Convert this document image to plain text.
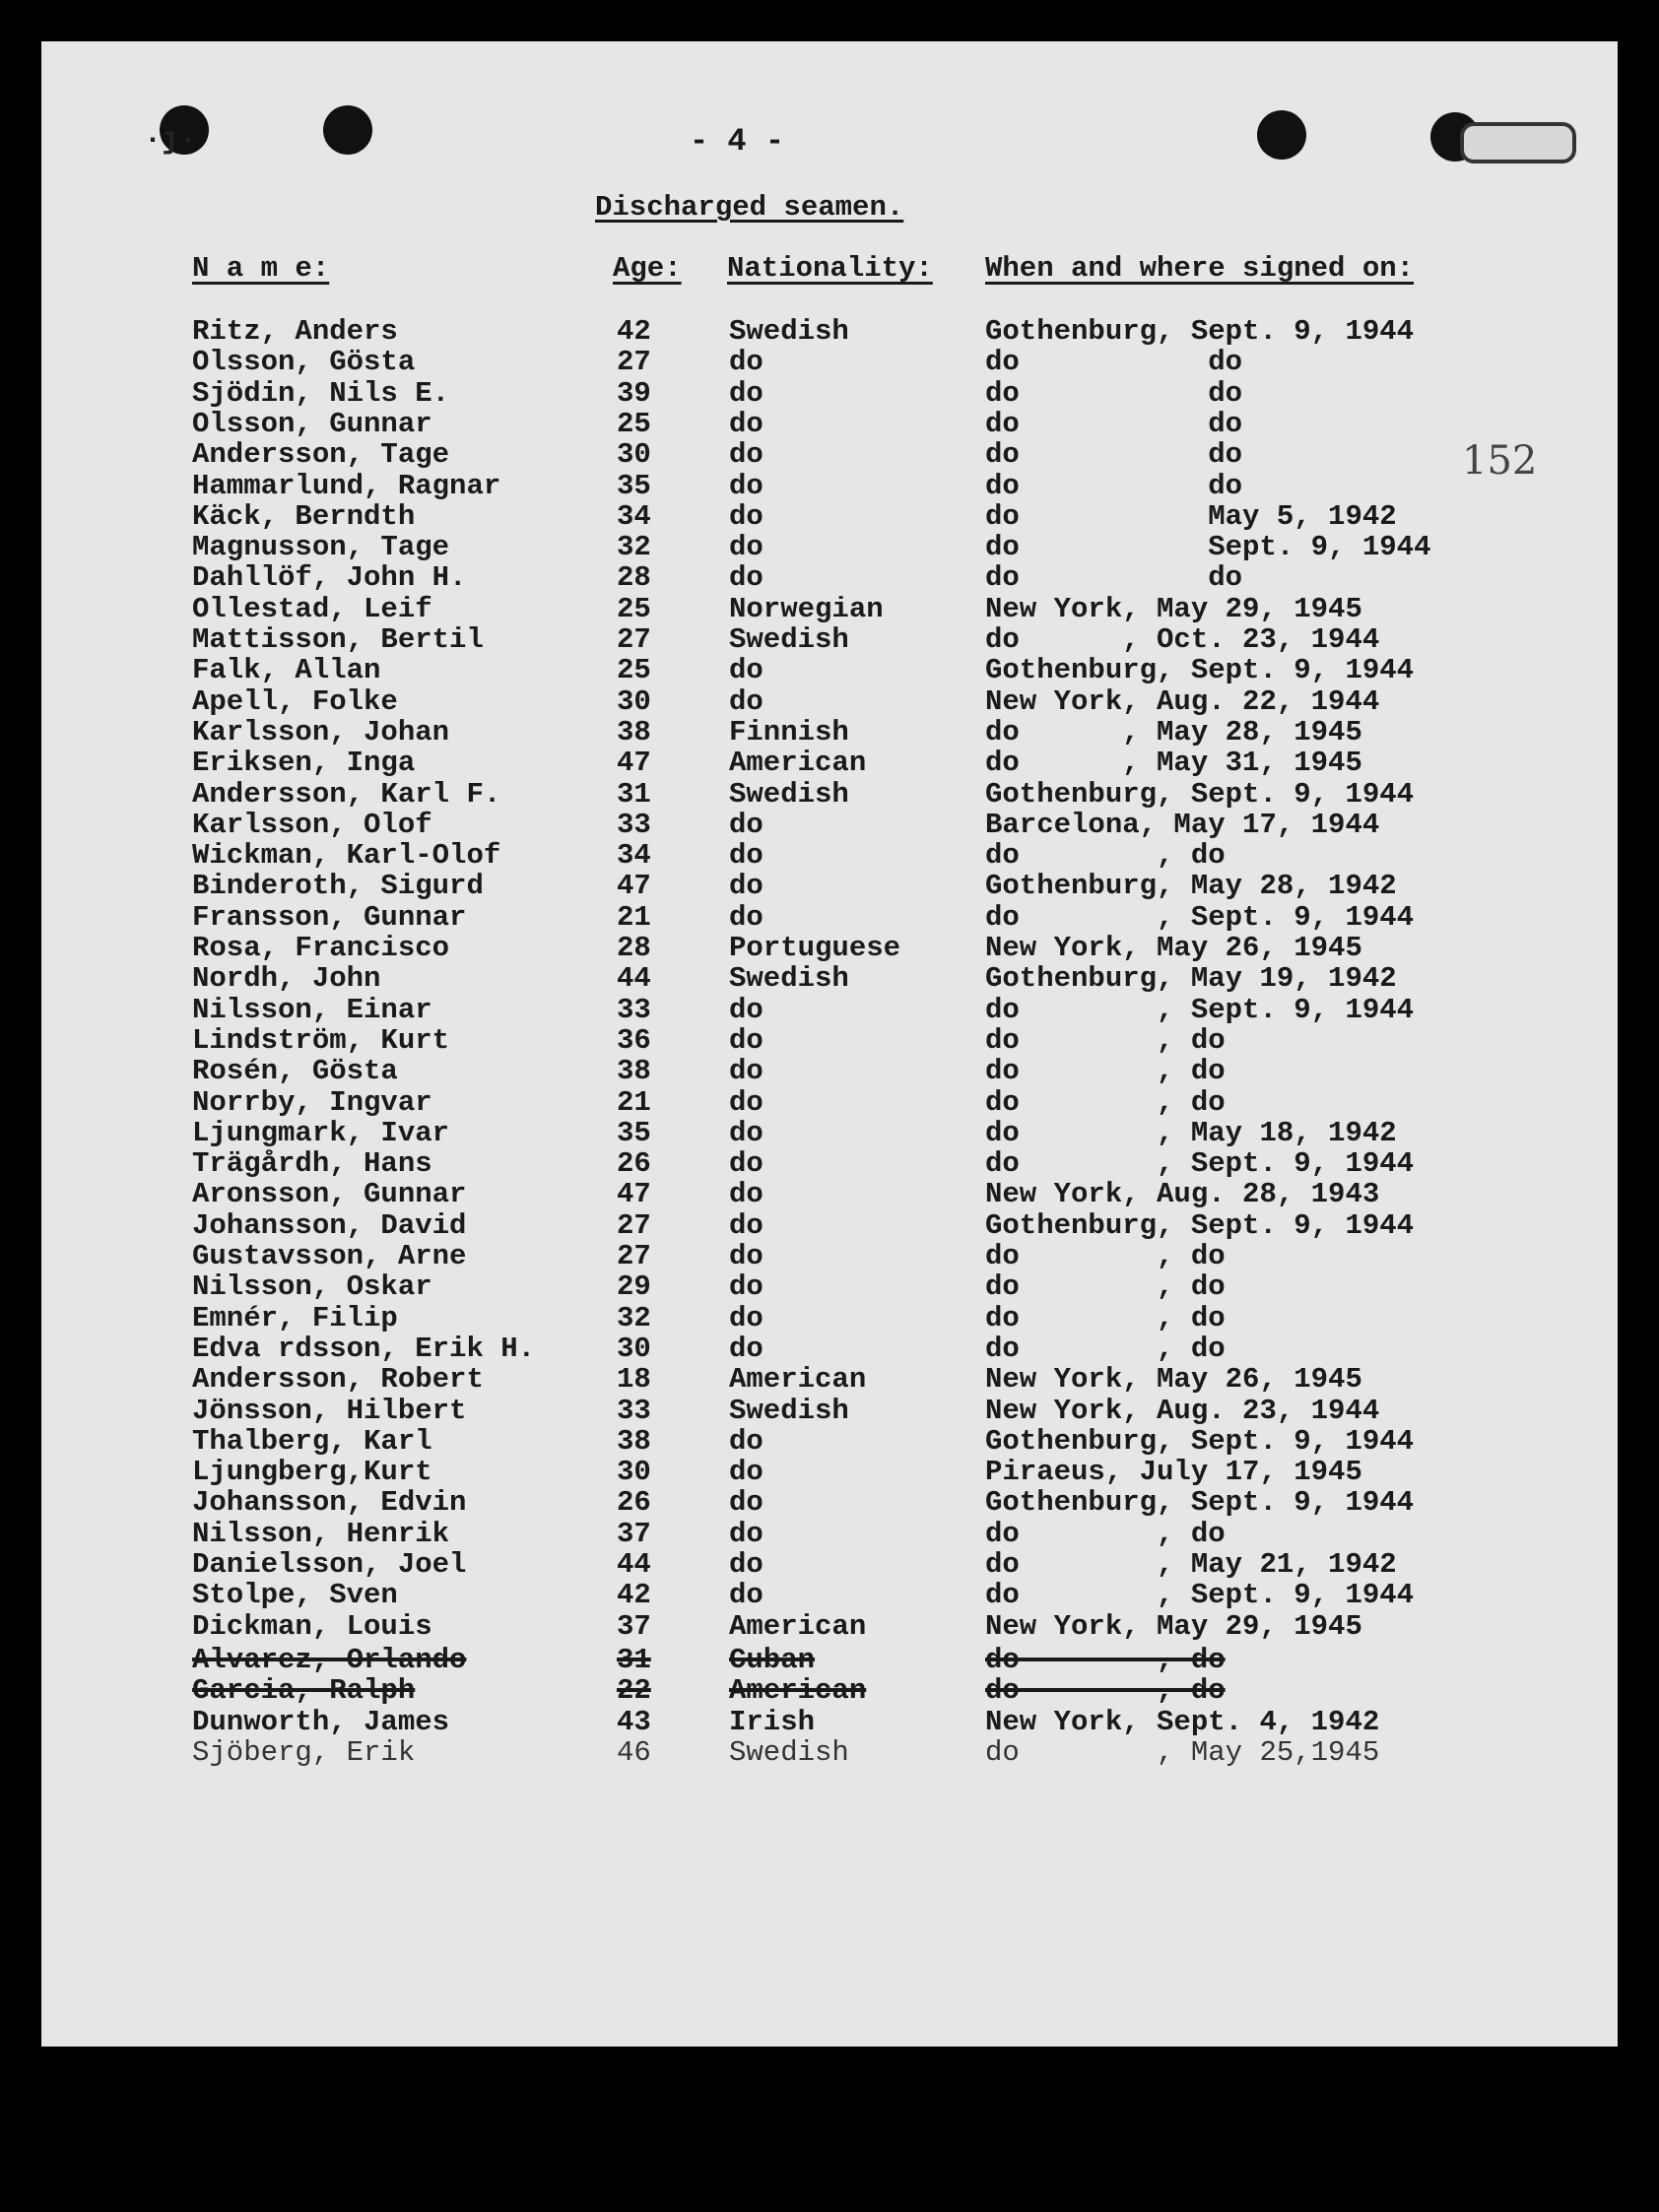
·ȷ·	- 4 -
Discharged seamen.
152
N a m e:	Age: Nationality: When and where signed on:
Ritz, Anders	42	Swedish	Gothenburg, Sept. 9, 1944
Olsson, Gösta	27	do	do           do
Sjödin, Nils E.	39	do	do           do
Olsson, Gunnar	25	do	do           do
Andersson, Tage	30	do	do           do
Hammarlund, Ragnar	35	do	do           do
Käck, Berndth	34	do	do           May 5, 1942
Magnusson, Tage	32	do	do           Sept. 9, 1944
Dahllöf, John H.	28	do	do           do
Ollestad, Leif	25	Norwegian	New York, May 29, 1945
Mattisson, Bertil	27	Swedish	do      , Oct. 23, 1944
Falk, Allan	25	do	Gothenburg, Sept. 9, 1944
Apell, Folke	30	do	New York, Aug. 22, 1944
Karlsson, Johan	38	Finnish	do      , May 28, 1945
Eriksen, Inga	47	American	do      , May 31, 1945
Andersson, Karl F.	31	Swedish	Gothenburg, Sept. 9, 1944
Karlsson, Olof	33	do	Barcelona, May 17, 1944
Wickman, Karl-Olof	34	do	do        , do
Binderoth, Sigurd	47	do	Gothenburg, May 28, 1942
Fransson, Gunnar	21	do	do        , Sept. 9, 1944
Rosa, Francisco	28	Portuguese	New York, May 26, 1945
Nordh, John	44	Swedish	Gothenburg, May 19, 1942
Nilsson, Einar	33	do	do        , Sept. 9, 1944
Lindström, Kurt	36	do	do        , do
Rosén, Gösta	38	do	do        , do
Norrby, Ingvar	21	do	do        , do
Ljungmark, Ivar	35	do	do        , May 18, 1942
Trägårdh, Hans	26	do	do        , Sept. 9, 1944
Aronsson, Gunnar	47	do	New York, Aug. 28, 1943
Johansson, David	27	do	Gothenburg, Sept. 9, 1944
Gustavsson, Arne	27	do	do        , do
Nilsson, Oskar	29	do	do        , do
Emnér, Filip	32	do	do        , do
Edva rdsson, Erik H.	30	do	do        , do
Andersson, Robert	18	American	New York, May 26, 1945
Jönsson, Hilbert	33	Swedish	New York, Aug. 23, 1944
Thalberg, Karl	38	do	Gothenburg, Sept. 9, 1944
Ljungberg,Kurt	30	do	Piraeus, July 17, 1945
Johansson, Edvin	26	do	Gothenburg, Sept. 9, 1944
Nilsson, Henrik	37	do	do        , do
Danielsson, Joel	44	do	do        , May 21, 1942
Stolpe, Sven	42	do	do        , Sept. 9, 1944
Dickman, Louis	37	American	New York, May 29, 1945
Alvarez, Orlando	31	Cuban	do        , do
Garcia, Ralph	22	American	do        , do
Dunworth, James	43	Irish	New York, Sept. 4, 1942
Sjöberg, Erik	46	Swedish	do        , May 25,1945
